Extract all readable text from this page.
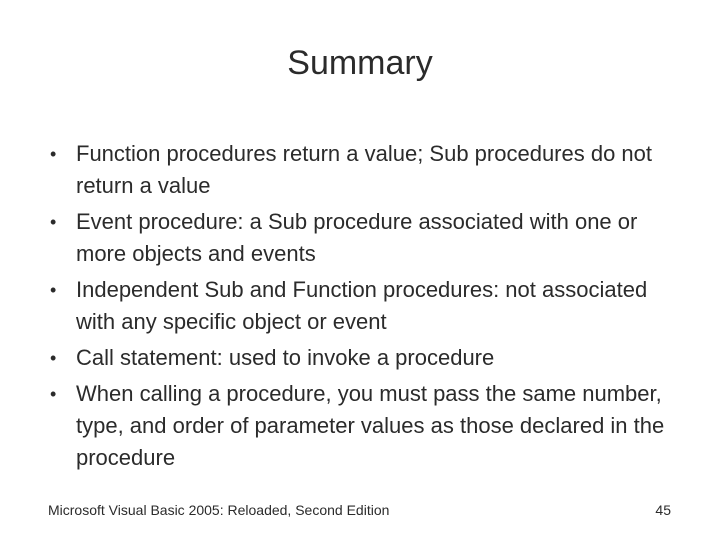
Summary
• Function procedures return a value; Sub procedures do not return a value
• Event procedure: a Sub procedure associated with one or more objects and events
• Independent Sub and Function procedures: not associated with any specific object or event
• Call statement: used to invoke a procedure
• When calling a procedure, you must pass the same number, type, and order of parameter values as those declared in the procedure
Microsoft Visual Basic 2005: Reloaded, Second Edition	45
